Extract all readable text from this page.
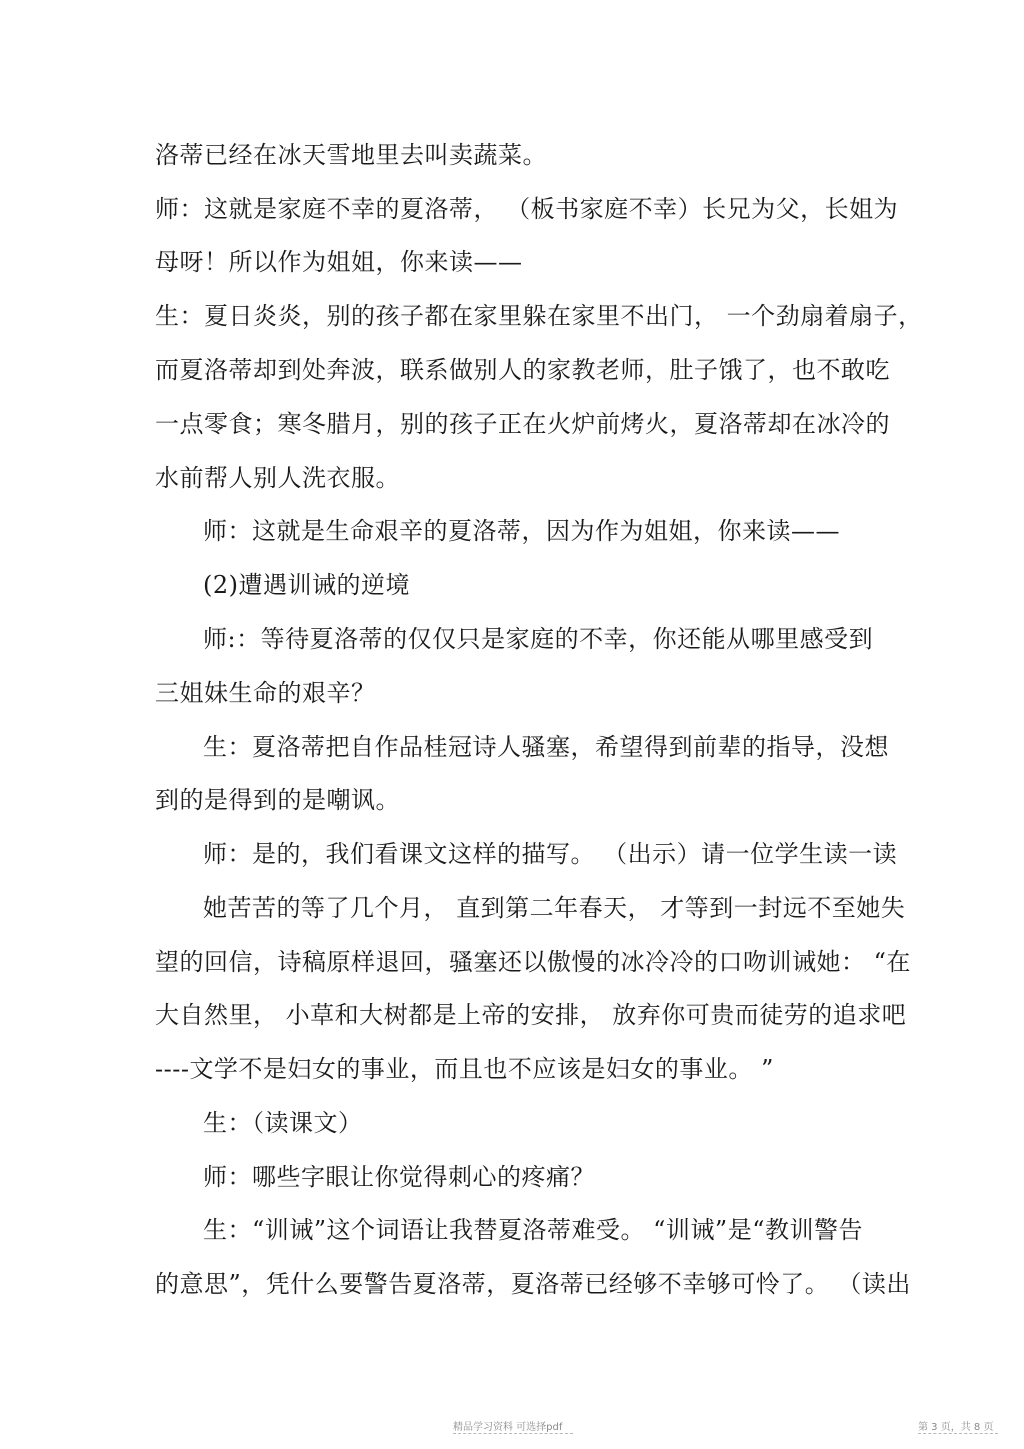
洛蒂已经在冰天雪地里去叫卖蔬菜。
师：这就是家庭不幸的夏洛蒂， （板书家庭不幸）长兄为父，长姐为
母呀！所以作为姐姐，你来读——
生：夏日炎炎，别的孩子都在家里躲在家里不出门， 一个劲扇着扇子，
而夏洛蒂却到处奔波，联系做别人的家教老师，肚子饿了，也不敢吃
一点零食；寒冬腊月，别的孩子正在火炉前烤火，夏洛蒂却在冰冷的
水前帮人别人洗衣服。
师：这就是生命艰辛的夏洛蒂，因为作为姐姐，你来读——
(2)遭遇训诫的逆境
师:：等待夏洛蒂的仅仅只是家庭的不幸，你还能从哪里感受到
三姐妹生命的艰辛？
生：夏洛蒂把自作品桂冠诗人骚塞，希望得到前辈的指导，没想
到的是得到的是嘲讽。
师：是的，我们看课文这样的描写。 （出示）请一位学生读一读
她苦苦的等了几个月， 直到第二年春天， 才等到一封远不至她失
望的回信，诗稿原样退回，骚塞还以傲慢的冰冷冷的口吻训诫她： “在
大自然里， 小草和大树都是上帝的安排， 放弃你可贵而徒劳的追求吧
----文学不是妇女的事业，而且也不应该是妇女的事业。 ”
生：（读课文）
师：哪些字眼让你觉得刺心的疼痛？
生：“训诫”这个词语让我替夏洛蒂难受。 “训诫”是“教训警告
的意思”，凭什么要警告夏洛蒂，夏洛蒂已经够不幸够可怜了。 （读出
精品学习资料 可选择pdf	第 3 页，共 8 页
